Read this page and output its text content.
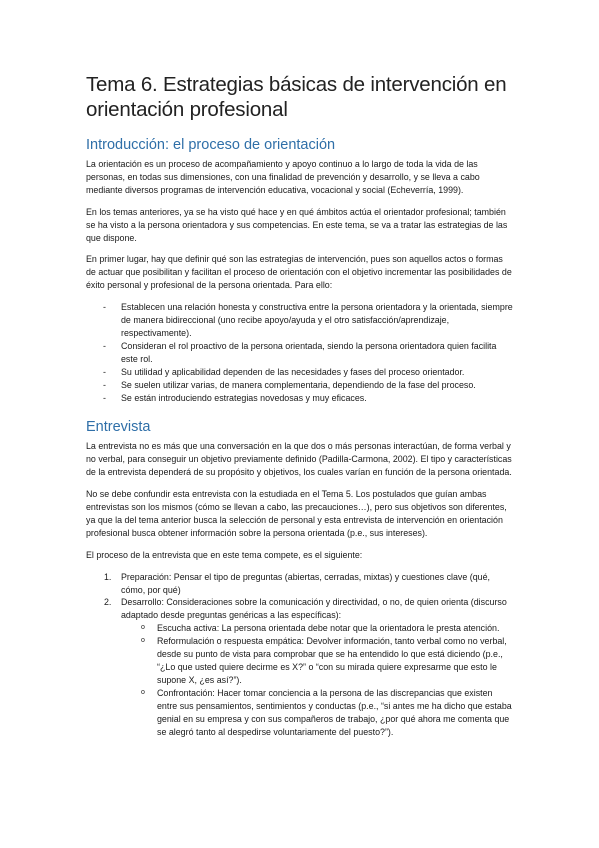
Tema 6. Estrategias básicas de intervención en orientación profesional
Introducción: el proceso de orientación

La orientación es un proceso de acompañamiento y apoyo continuo a lo largo de toda la vida de las personas, en todas sus dimensiones, con una finalidad de prevención y desarrollo, y se lleva a cabo mediante diversos programas de intervención educativa, vocacional y social (Echeverría, 1999).

En los temas anteriores, ya se ha visto qué hace y en qué ámbitos actúa el orientador profesional; también se ha visto a la persona orientadora y sus competencias. En este tema, se va a tratar las estrategias de las que dispone.

En primer lugar, hay que definir qué son las estrategias de intervención, pues son aquellos actos o formas de actuar que posibilitan y facilitan el proceso de orientación con el objetivo incrementar las posibilidades de éxito personal y profesional de la persona orientada. Para ello:

- Establecen una relación honesta y constructiva entre la persona orientadora y la orientada, siempre de manera bidireccional (uno recibe apoyo/ayuda y el otro satisfacción/aprendizaje, respectivamente).
- Consideran el rol proactivo de la persona orientada, siendo la persona orientadora quien facilita este rol.
- Su utilidad y aplicabilidad dependen de las necesidades y fases del proceso orientador.
- Se suelen utilizar varias, de manera complementaria, dependiendo de la fase del proceso.
- Se están introduciendo estrategias novedosas y muy eficaces.
Entrevista

La entrevista no es más que una conversación en la que dos o más personas interactúan, de forma verbal y no verbal, para conseguir un objetivo previamente definido (Padilla-Carmona, 2002). El tipo y características de la entrevista dependerá de su propósito y objetivos, los cuales varían en función de la persona orientada.

No se debe confundir esta entrevista con la estudiada en el Tema 5. Los postulados que guían ambas entrevistas son los mismos (cómo se llevan a cabo, las precauciones…), pero sus objetivos son diferentes, ya que la del tema anterior busca la selección de personal y esta entrevista de intervención en orientación profesional busca obtener información sobre la persona orientada (p.e., sus intereses).

El proceso de la entrevista que en este tema compete, es el siguiente:

1. Preparación: Pensar el tipo de preguntas (abiertas, cerradas, mixtas) y cuestiones clave (qué, cómo, por qué)
2. Desarrollo: Consideraciones sobre la comunicación y directividad, o no, de quien orienta (discurso adaptado desde preguntas genéricas a las específicas):
o Escucha activa: La persona orientada debe notar que la orientadora le presta atención.
o Reformulación o respuesta empática: Devolver información, tanto verbal como no verbal, desde su punto de vista para comprobar que se ha entendido lo que está diciendo (p.e., “¿Lo que usted quiere decirme es X?” o “con su mirada quiere expresarme que esto le supone X, ¿es así?”).
o Confrontación: Hacer tomar conciencia a la persona de las discrepancias que existen entre sus pensamientos, sentimientos y conductas (p.e., “si antes me ha dicho que estaba genial en su empresa y con sus compañeros de trabajo, ¿por qué ahora me comenta que se alegró tanto al despedirse voluntariamente del puesto?”).
